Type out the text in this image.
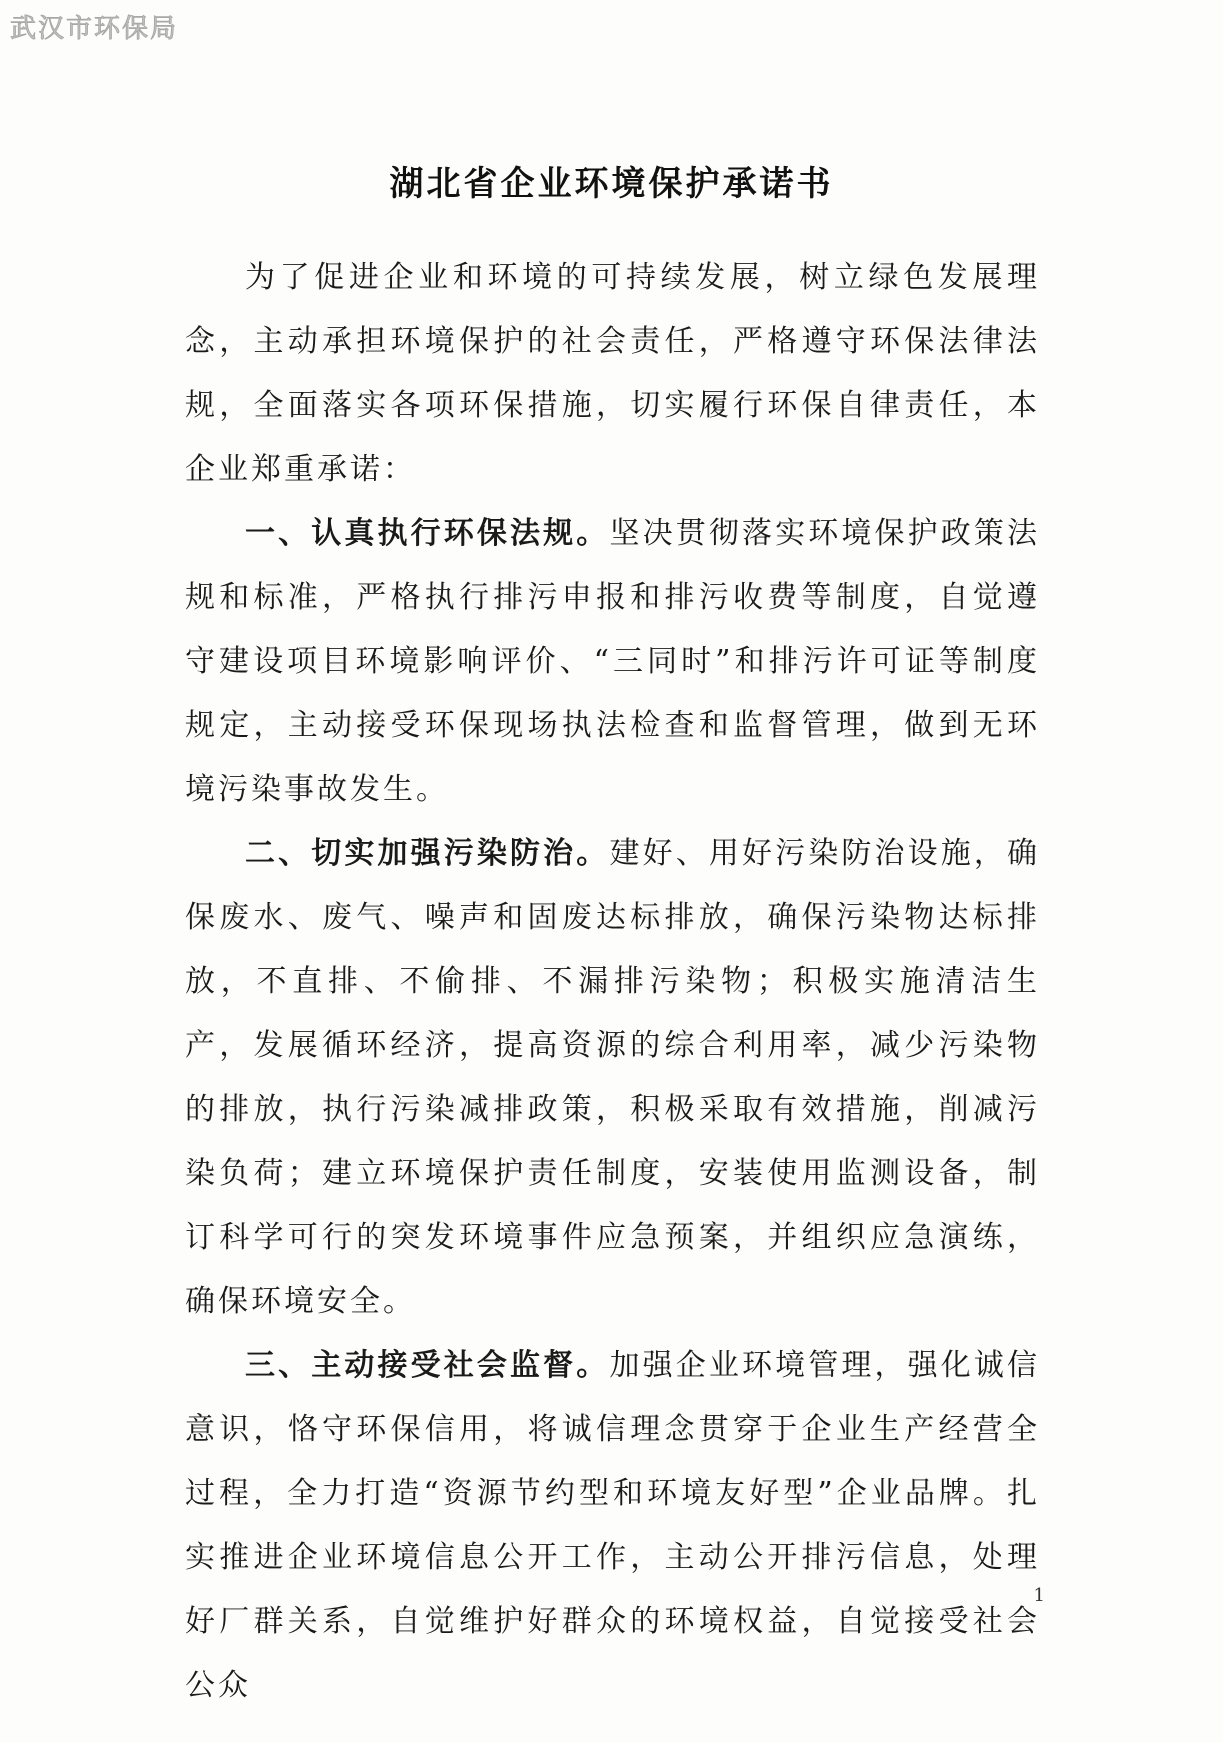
武汉市环保局
湖北省企业环境保护承诺书

为了促进企业和环境的可持续发展，树立绿色发展理念，主动承担环境保护的社会责任，严格遵守环保法律法规，全面落实各项环保措施，切实履行环保自律责任，本企业郑重承诺：

一、认真执行环保法规。坚决贯彻落实环境保护政策法规和标准，严格执行排污申报和排污收费等制度，自觉遵守建设项目环境影响评价、“三同时”和排污许可证等制度规定，主动接受环保现场执法检查和监督管理，做到无环境污染事故发生。

二、切实加强污染防治。建好、用好污染防治设施，确保废水、废气、噪声和固废达标排放，确保污染物达标排放，不直排、不偷排、不漏排污染物；积极实施清洁生产，发展循环经济，提高资源的综合利用率，减少污染物的排放，执行污染减排政策，积极采取有效措施，削减污染负荷；建立环境保护责任制度，安装使用监测设备，制订科学可行的突发环境事件应急预案，并组织应急演练，确保环境安全。

三、主动接受社会监督。加强企业环境管理，强化诚信意识，恪守环保信用，将诚信理念贯穿于企业生产经营全过程，全力打造“资源节约型和环境友好型”企业品牌。扎实推进企业环境信息公开工作，主动公开排污信息，处理好厂群关系，自觉维护好群众的环境权益，自觉接受社会公众

1
